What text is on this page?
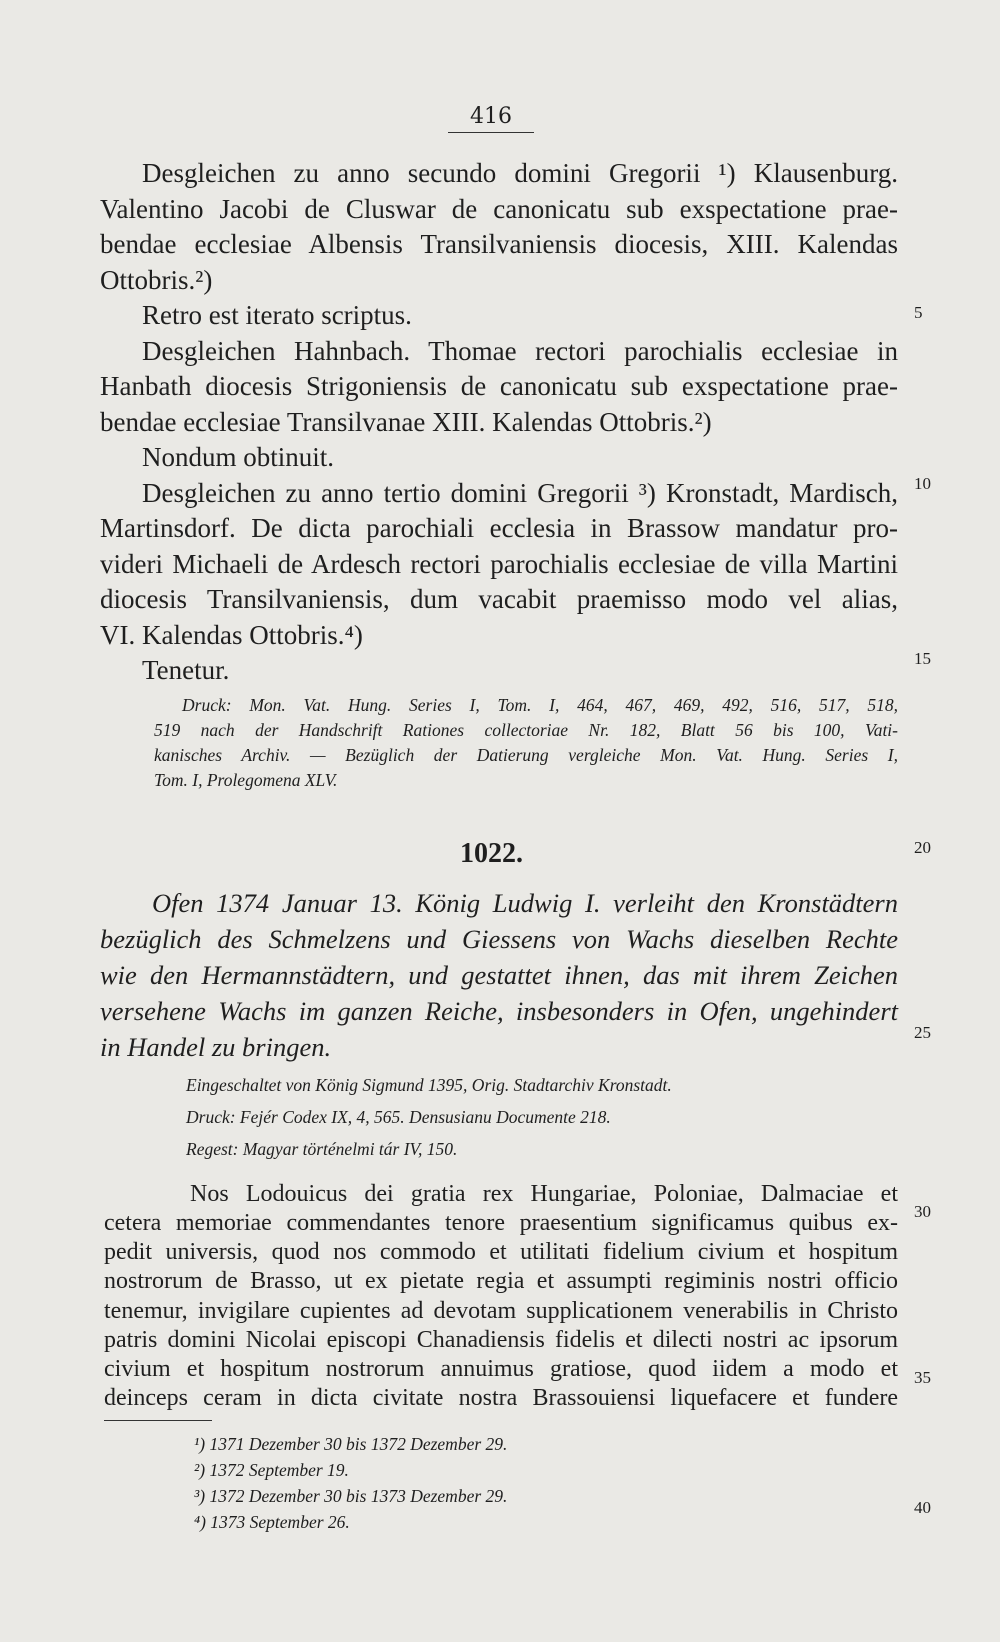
416
Desgleichen zu anno secundo domini Gregorii ¹) Klausenburg.
Valentino Jacobi de Cluswar de canonicatu sub exspectatione prae-
bendae ecclesiae Albensis Transilvaniensis diocesis, XIII. Kalendas
Ottobris.²)
Retro est iterato scriptus.
Desgleichen Hahnbach. Thomae rectori parochialis ecclesiae in
Hanbath diocesis Strigoniensis de canonicatu sub exspectatione prae-
bendae ecclesiae Transilvanae XIII. Kalendas Ottobris.²)
Nondum obtinuit.
Desgleichen zu anno tertio domini Gregorii ³) Kronstadt, Mardisch,
Martinsdorf. De dicta parochiali ecclesia in Brassow mandatur pro-
videri Michaeli de Ardesch rectori parochialis ecclesiae de villa Martini
diocesis Transilvaniensis, dum vacabit praemisso modo vel alias,
VI. Kalendas Ottobris.⁴)
Tenetur.
Druck: Mon. Vat. Hung. Series I, Tom. I, 464, 467, 469, 492, 516, 517, 518,
519 nach der Handschrift Rationes collectoriae Nr. 182, Blatt 56 bis 100, Vati-
kanisches Archiv. — Bezüglich der Datierung vergleiche Mon. Vat. Hung. Series I,
Tom. I, Prolegomena XLV.
1022.
Ofen 1374 Januar 13. König Ludwig I. verleiht den Kronstädtern
bezüglich des Schmelzens und Giessens von Wachs dieselben Rechte
wie den Hermannstädtern, und gestattet ihnen, das mit ihrem Zeichen
versehene Wachs im ganzen Reiche, insbesonders in Ofen, ungehindert
in Handel zu bringen.
Eingeschaltet von König Sigmund 1395, Orig. Stadtarchiv Kronstadt.
Druck: Fejér Codex IX, 4, 565. Densusianu Documente 218.
Regest: Magyar történelmi tár IV, 150.
Nos Lodouicus dei gratia rex Hungariae, Poloniae, Dalmaciae et
cetera memoriae commendantes tenore praesentium significamus quibus ex-
pedit universis, quod nos commodo et utilitati fidelium civium et hospitum
nostrorum de Brasso, ut ex pietate regia et assumpti regiminis nostri officio
tenemur, invigilare cupientes ad devotam supplicationem venerabilis in Christo
patris domini Nicolai episcopi Chanadiensis fidelis et dilecti nostri ac ipsorum
civium et hospitum nostrorum annuimus gratiose, quod iidem a modo et
deinceps ceram in dicta civitate nostra Brassouiensi liquefacere et fundere
¹) 1371 Dezember 30 bis 1372 Dezember 29.
²) 1372 September 19.
³) 1372 Dezember 30 bis 1373 Dezember 29.
⁴) 1373 September 26.
5
10
15
20
25
30
35
40
